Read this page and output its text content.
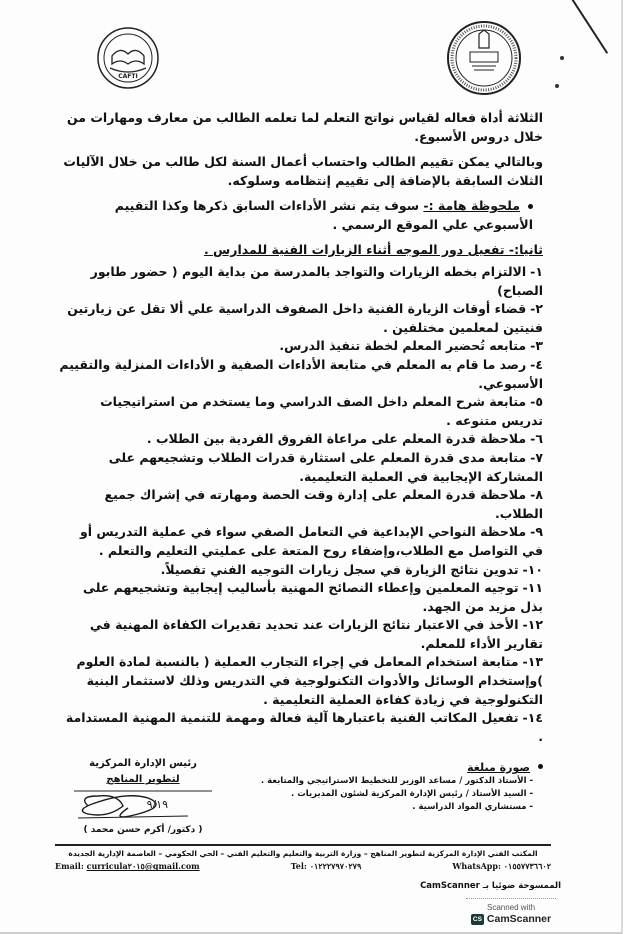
CAFTI

الثلاثة أداة فعاله لقياس نواتج التعلم لما تعلمه الطالب من معارف ومهارات من خلال دروس الأسبوع.

وبالتالي يمكن تقييم الطالب واحتساب أعمال السنة لكل طالب من خلال الآليات الثلاث السابقة بالإضافة إلى تقييم إنتظامه وسلوكه.

ملحوظة هامة :- سوف يتم نشر الأداءات السابق ذكرها وكذا التقييم الأسبوعي علي الموقع الرسمي .

ثانيا:- تفعيل دور الموجه أثناء الزيارات الفنية للمدارس .

١-الالتزام بخطه الزيارات والتواجد بالمدرسة من بداية اليوم ( حضور طابور الصباح)

٢-قضاء أوقات الزيارة الفنية داخل الصفوف الدراسية علي ألا تقل عن زيارتين فنيتين لمعلمين مختلفين .

٣-متابعه تُحضير المعلم لخطة تنفيذ الدرس.

٤-رصد ما قام به المعلم في متابعة الأداءات الصفية و الأداءات المنزلية والتقييم الأسبوعي.

٥-متابعة شرح المعلم داخل الصف الدراسي وما يستخدم من استراتيجيات تدريس متنوعه .

٦-ملاحظة قدرة المعلم على مراعاة الفروق الفردية بين الطلاب .

٧-متابعة مدى قدرة المعلم على استثارة قدرات الطلاب وتشجيعهم على المشاركة الإيجابية في العملية التعليمية.

٨-ملاحظة قدرة المعلم على إدارة وقت الحصة ومهارته في إشراك جميع الطلاب.

٩-ملاحظة النواحي الإبداعية في التعامل الصفي سواء في عملية التدريس أو في التواصل مع الطلاب،وإضفاء روح المتعة على عمليتي التعليم والتعلم .

١٠-تدوين نتائج الزيارة في سجل زيارات التوجيه الفني تفصيلاً.

١١-توجيه المعلمين وإعطاء النصائح المهنية بأساليب إيجابية وتشجيعهم على بذل مزيد من الجهد.

١٢-الأخذ في الاعتبار نتائج الزيارات عند تحديد تقديرات الكفاءة المهنية في تقارير الأداء للمعلم.

١٣-متابعة استخدام المعامل في إجراء التجارب العملية ( بالنسبة لمادة العلوم )وإستخدام الوسائل والأدوات التكنولوجية في التدريس وذلك لاستثمار البنية التكنولوجية في زيادة كفاءة العملية التعليمية .

١٤-تفعيل المكاتب الفنية باعتبارها آلية فعالة ومهمة للتنمية المهنية المستدامة .

صورة مبلغة
- الأستاذ الدكتور / مساعد الوزير للتخطيط الاستراتيجي والمتابعة .
- السيد الأستاذ / رئيس الإدارة المركزية لشئون المديريات .
- مستشاري المواد الدراسية .
رئيس الإدارة المركزية
لتطوير المناهج
٩/١٩
( دكتور/ أكرم حسن محمد )
المكتب الفني الإدارة المركزية لتطوير المناهج – وزارة التربية والتعليم والتعليم الفني – الحي الحكومي – العاصمة الإدارية الجديدة
Email: curricula٢٠١٥@gmail.com	Tel: ٠١٢٢٢٧٩٧٠٢٧٩	WhatsApp: ٠١٥٥٧٧٣٦٦٠٢
الممسوحة ضوئيا بـ CamScanner
Scanned with
CS CamScanner
